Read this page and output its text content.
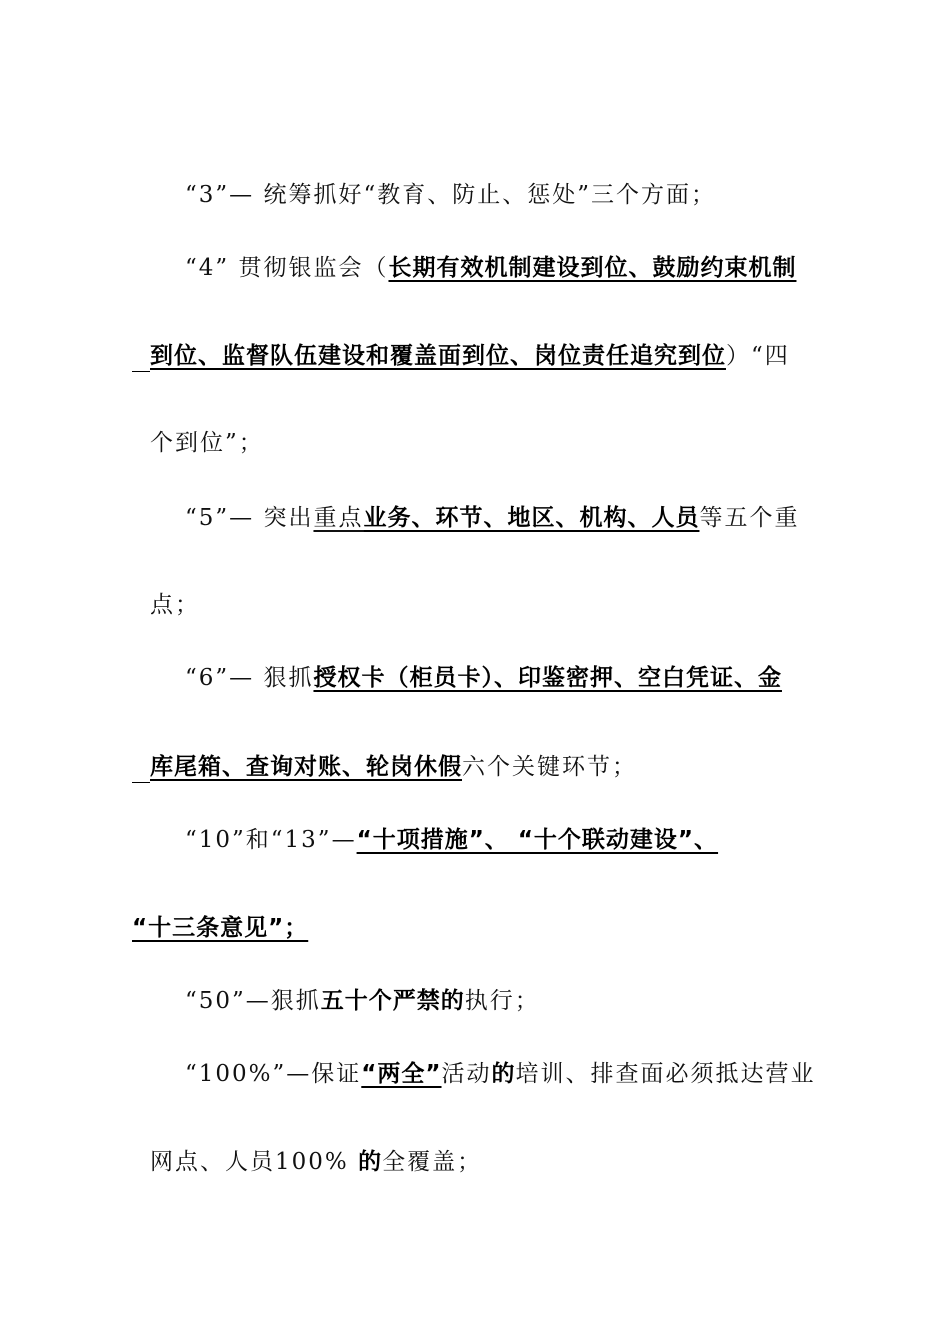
“3”— 统筹抓好“教育、防止、惩处”三个方面；
“4” 贯彻银监会（长期有效机制建设到位、鼓励约束机制
到位、监督队伍建设和覆盖面到位、岗位责任追究到位）“四
个到位”；
“5”— 突出重点业务、环节、地区、机构、人员等五个重
点；
“6”— 狠抓授权卡（柜员卡）、印鉴密押、空白凭证、金
库尾箱、查询对账、轮岗休假六个关键环节；
“10”和“13”—“十项措施”、 “十个联动建设”、
“十三条意见”；
“50”—狠抓五十个严禁的执行；
“100%”—保证“两全”活动的培训、排查面必须抵达营业
网点、人员100% 的全覆盖；
